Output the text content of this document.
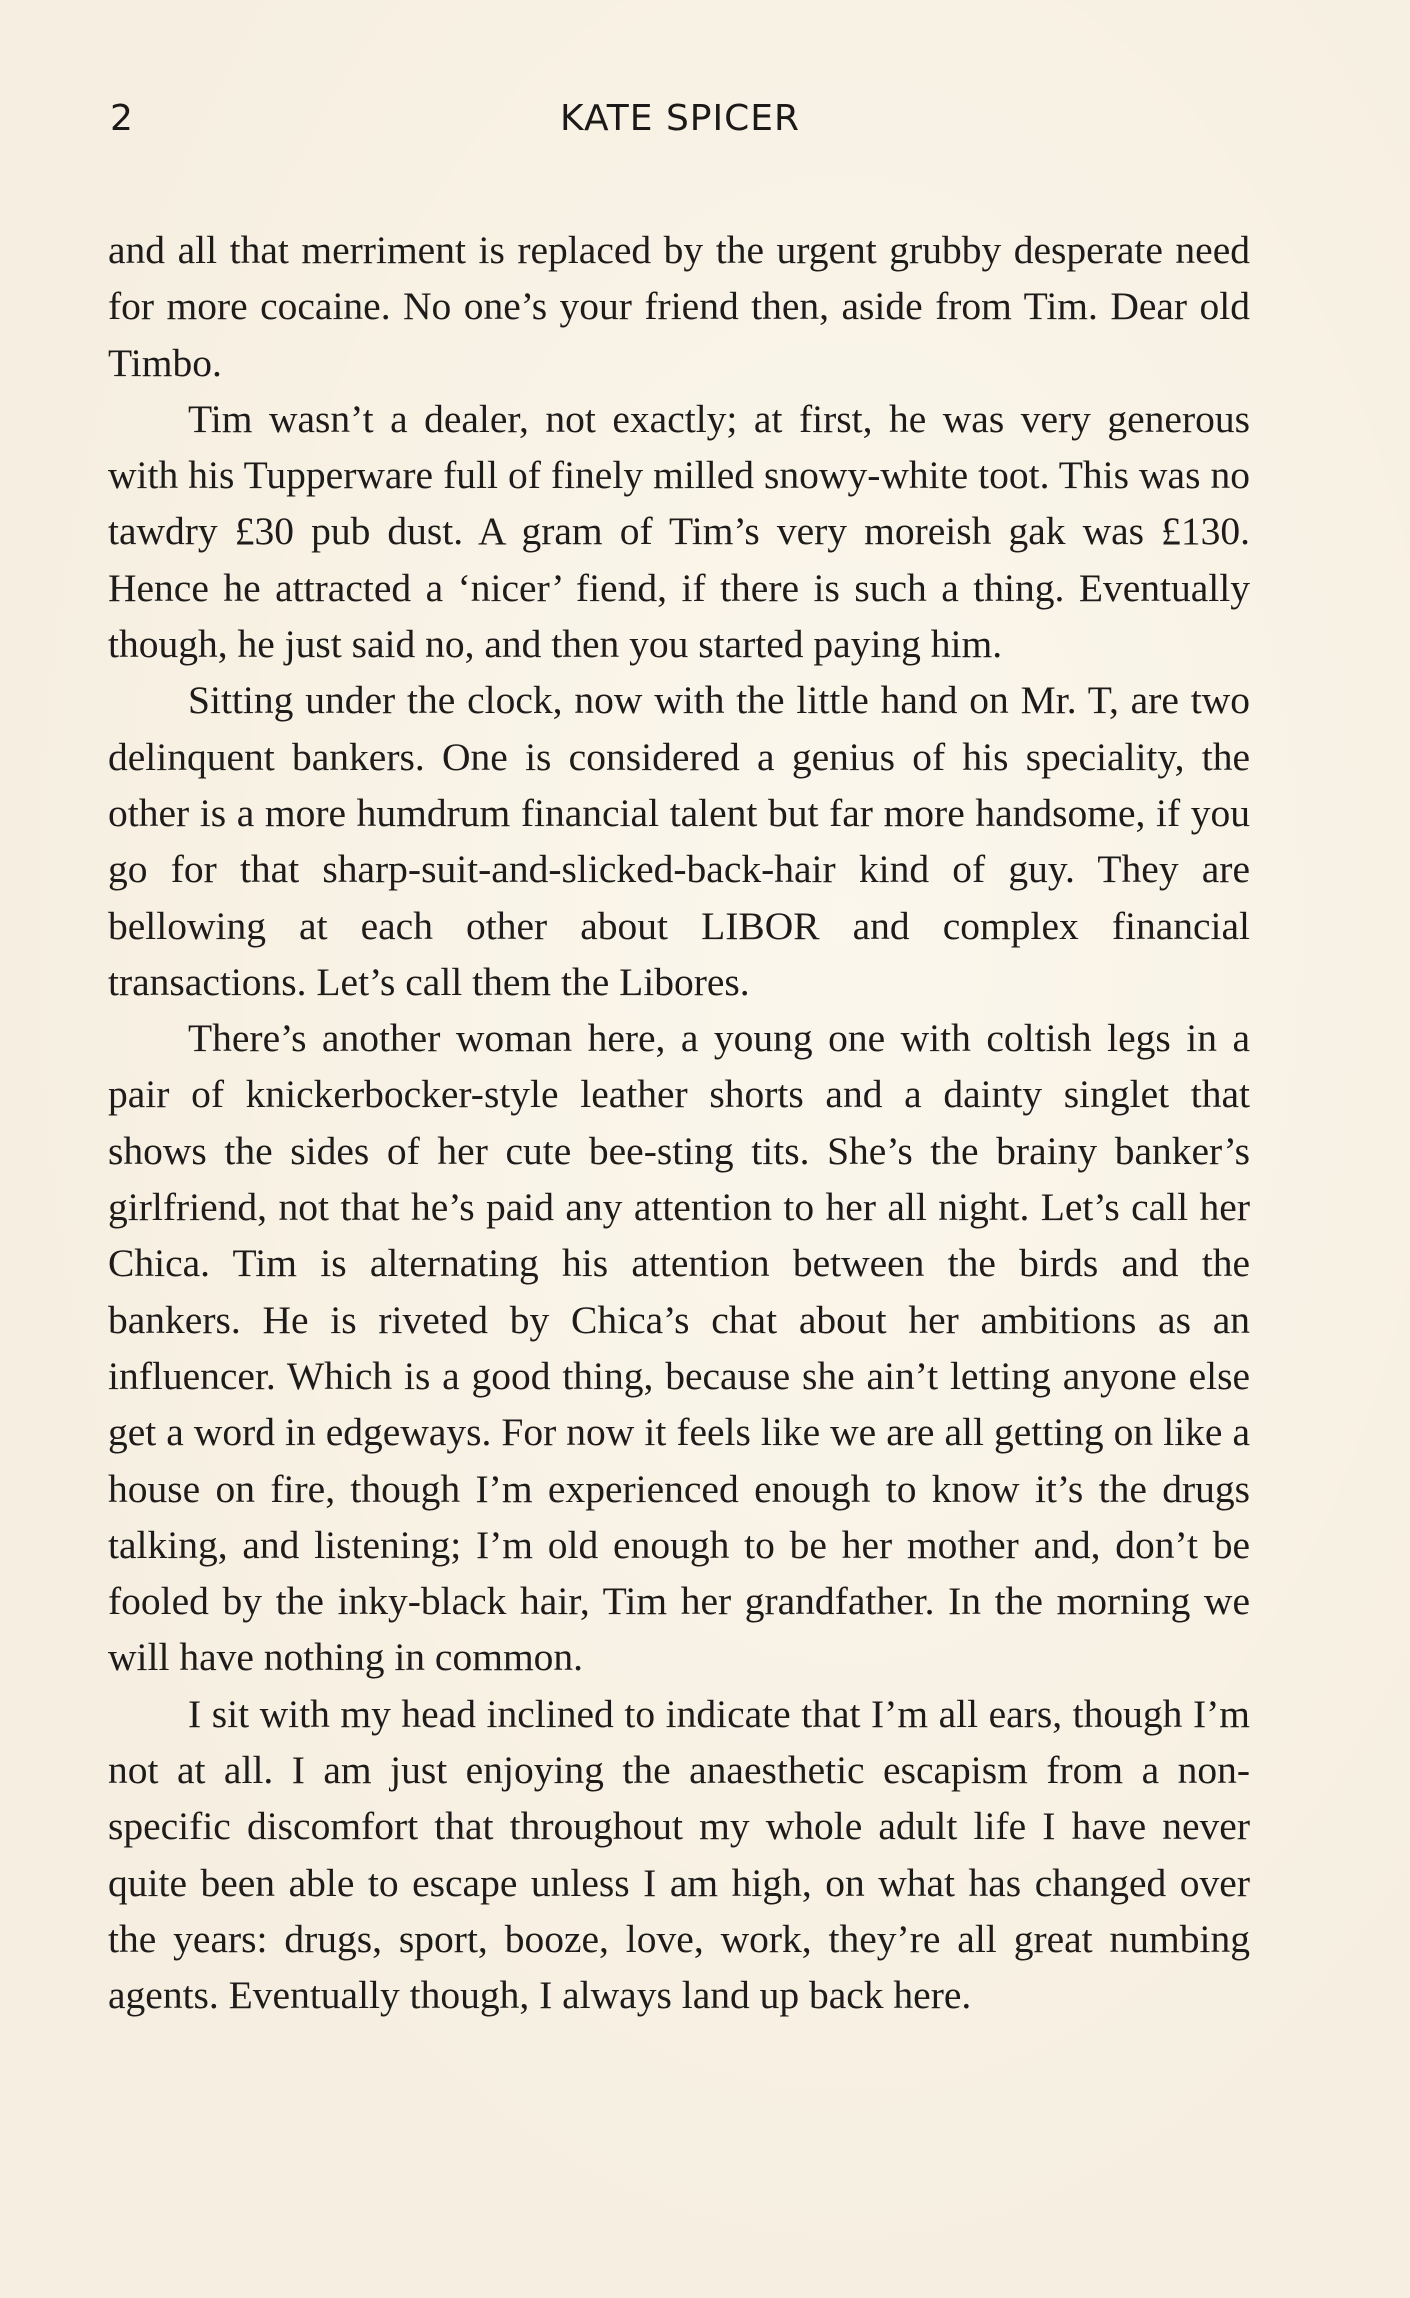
2	KATE SPICER

and all that merriment is replaced by the urgent grubby desperate need for more cocaine. No one’s your friend then, aside from Tim. Dear old Timbo.

Tim wasn’t a dealer, not exactly; at first, he was very generous with his Tupperware full of finely milled snowy-white toot. This was no tawdry £30 pub dust. A gram of Tim’s very moreish gak was £130. Hence he attracted a ‘nicer’ fiend, if there is such a thing. Eventually though, he just said no, and then you started paying him.

Sitting under the clock, now with the little hand on Mr. T, are two delinquent bankers. One is considered a genius of his speciality, the other is a more humdrum financial talent but far more handsome, if you go for that sharp-suit-and-slicked-back-hair kind of guy. They are bellowing at each other about LIBOR and complex financial transactions. Let’s call them the Libores.

There’s another woman here, a young one with coltish legs in a pair of knickerbocker-style leather shorts and a dainty singlet that shows the sides of her cute bee-sting tits. She’s the brainy banker’s girlfriend, not that he’s paid any attention to her all night. Let’s call her Chica. Tim is alternating his attention between the birds and the bankers. He is riveted by Chica’s chat about her ambitions as an influencer. Which is a good thing, because she ain’t letting anyone else get a word in edgeways. For now it feels like we are all getting on like a house on fire, though I’m experienced enough to know it’s the drugs talking, and listening; I’m old enough to be her mother and, don’t be fooled by the inky-black hair, Tim her grandfather. In the morning we will have nothing in common.

I sit with my head inclined to indicate that I’m all ears, though I’m not at all. I am just enjoying the anaesthetic escapism from a non-specific discomfort that throughout my whole adult life I have never quite been able to escape unless I am high, on what has changed over the years: drugs, sport, booze, love, work, they’re all great numbing agents. Eventually though, I always land up back here.
